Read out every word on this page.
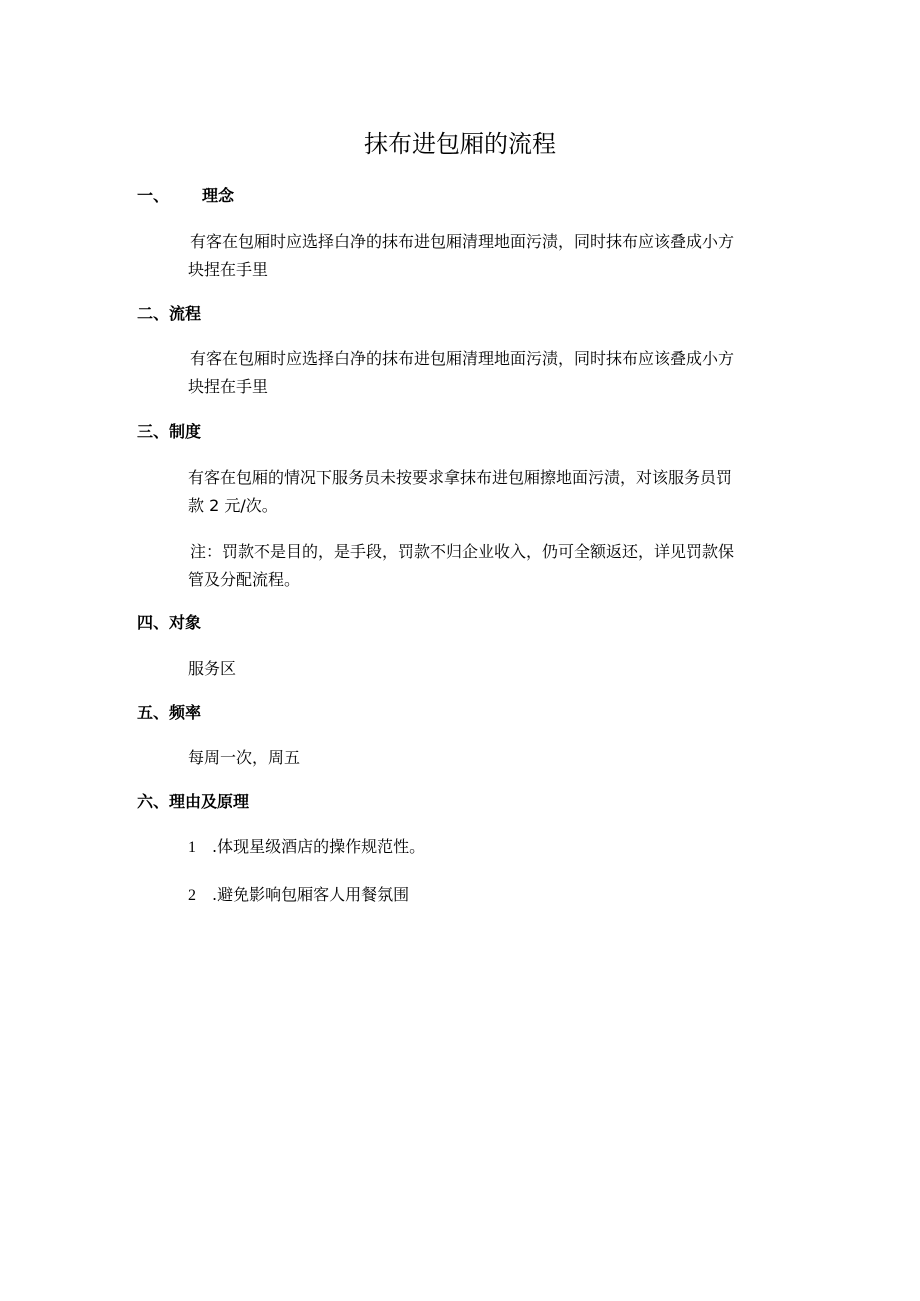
抹布进包厢的流程
一、 理念
有客在包厢时应选择白净的抹布进包厢清理地面污渍，同时抹布应该叠成小方
块捏在手里
二、流程
有客在包厢时应选择白净的抹布进包厢清理地面污渍，同时抹布应该叠成小方
块捏在手里
三、制度
有客在包厢的情况下服务员未按要求拿抹布进包厢擦地面污渍，对该服务员罚
款 2 元/次。
注：罚款不是目的，是手段，罚款不归企业收入，仍可全额返还，详见罚款保
管及分配流程。
四、对象
服务区
五、频率
每周一次，周五
六、理由及原理
1 .体现星级酒店的操作规范性。
2 .避免影响包厢客人用餐氛围
